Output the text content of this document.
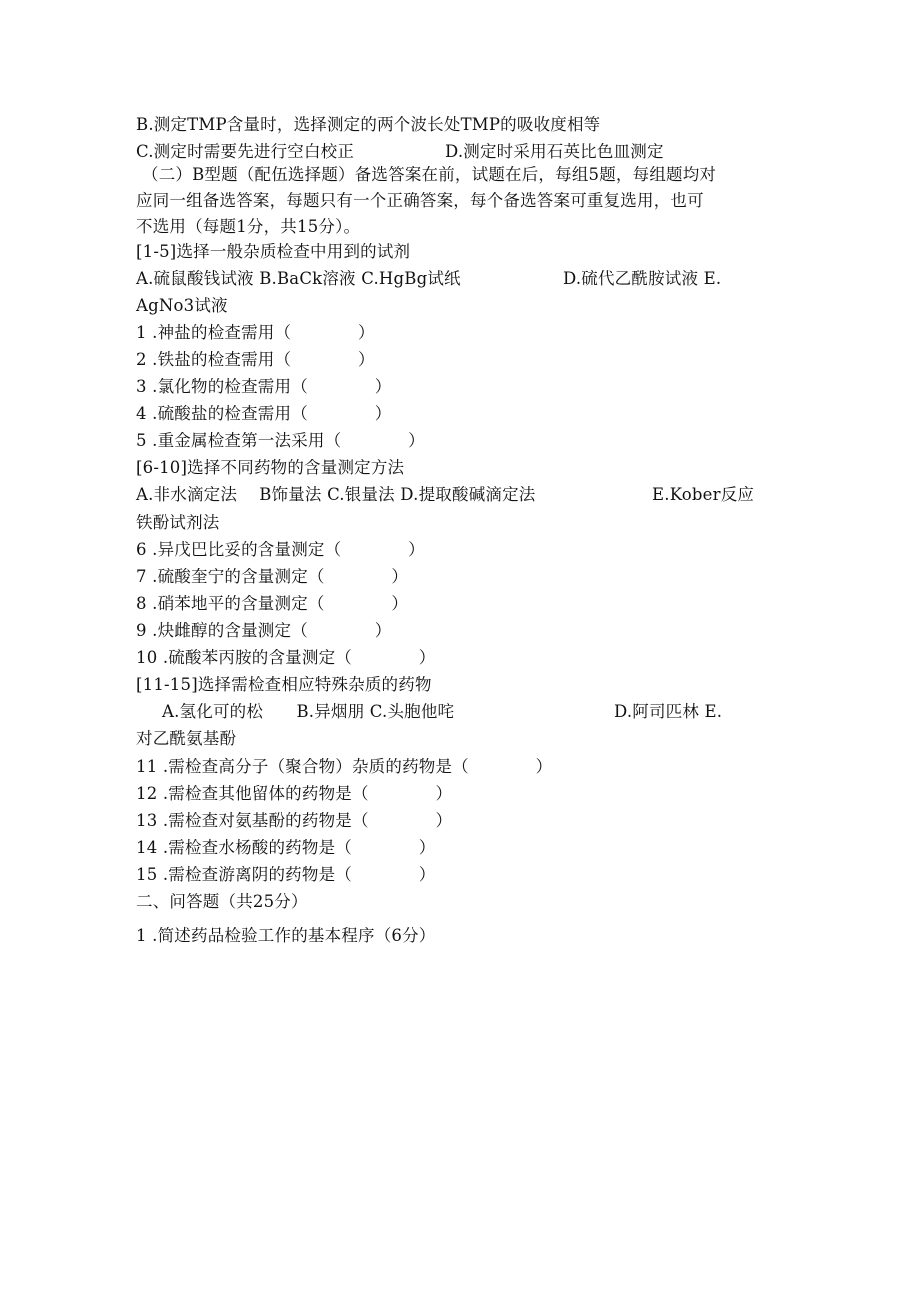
B.测定TMP含量时，选择测定的两个波长处TMP的吸收度相等
C.测定时需要先进行空白校正	D.测定时采用石英比色皿测定
（二）B型题（配伍选择题）备选答案在前，试题在后，每组5题，每组题均对
应同一组备选答案，每题只有一个正确答案，每个备选答案可重复选用，也可
不选用（每题1分，共15分）。
[1-5]选择一般杂质检查中用到的试剂
A.硫鼠酸钱试液 B.BaCk溶液 C.HgBg试纸	D.硫代乙酰胺试液 E.
AgNo3试液
1 .神盐的检查需用（　　　　）
2 .铁盐的检查需用（　　　　）
3 .氯化物的检查需用（　　　　）
4 .硫酸盐的检查需用（　　　　）
5 .重金属检查第一法采用（　　　　）
[6-10]选择不同药物的含量测定方法
A.非水滴定法　 B饰量法 C.银量法 D.提取酸碱滴定法	E.Kober反应
铁酚试剂法
6 .异戊巴比妥的含量测定（　　　　）
7 .硫酸奎宁的含量测定（　　　　）
8 .硝苯地平的含量测定（　　　　）
9 .炔雌醇的含量测定（　　　　）
10 .硫酸苯丙胺的含量测定（　　　　）
[11-15]选择需检查相应特殊杂质的药物
A.氢化可的松　　B.异烟朋 C.头胞他咤	D.阿司匹林 E.
对乙酰氨基酚
11 .需检查高分子（聚合物）杂质的药物是（　　　　）
12 .需检查其他留体的药物是（　　　　）
13 .需检查对氨基酚的药物是（　　　　）
14 .需检查水杨酸的药物是（　　　　）
15 .需检查游离阴的药物是（　　　　）
二、问答题（共25分）
1 .简述药品检验工作的基本程序（6分）
